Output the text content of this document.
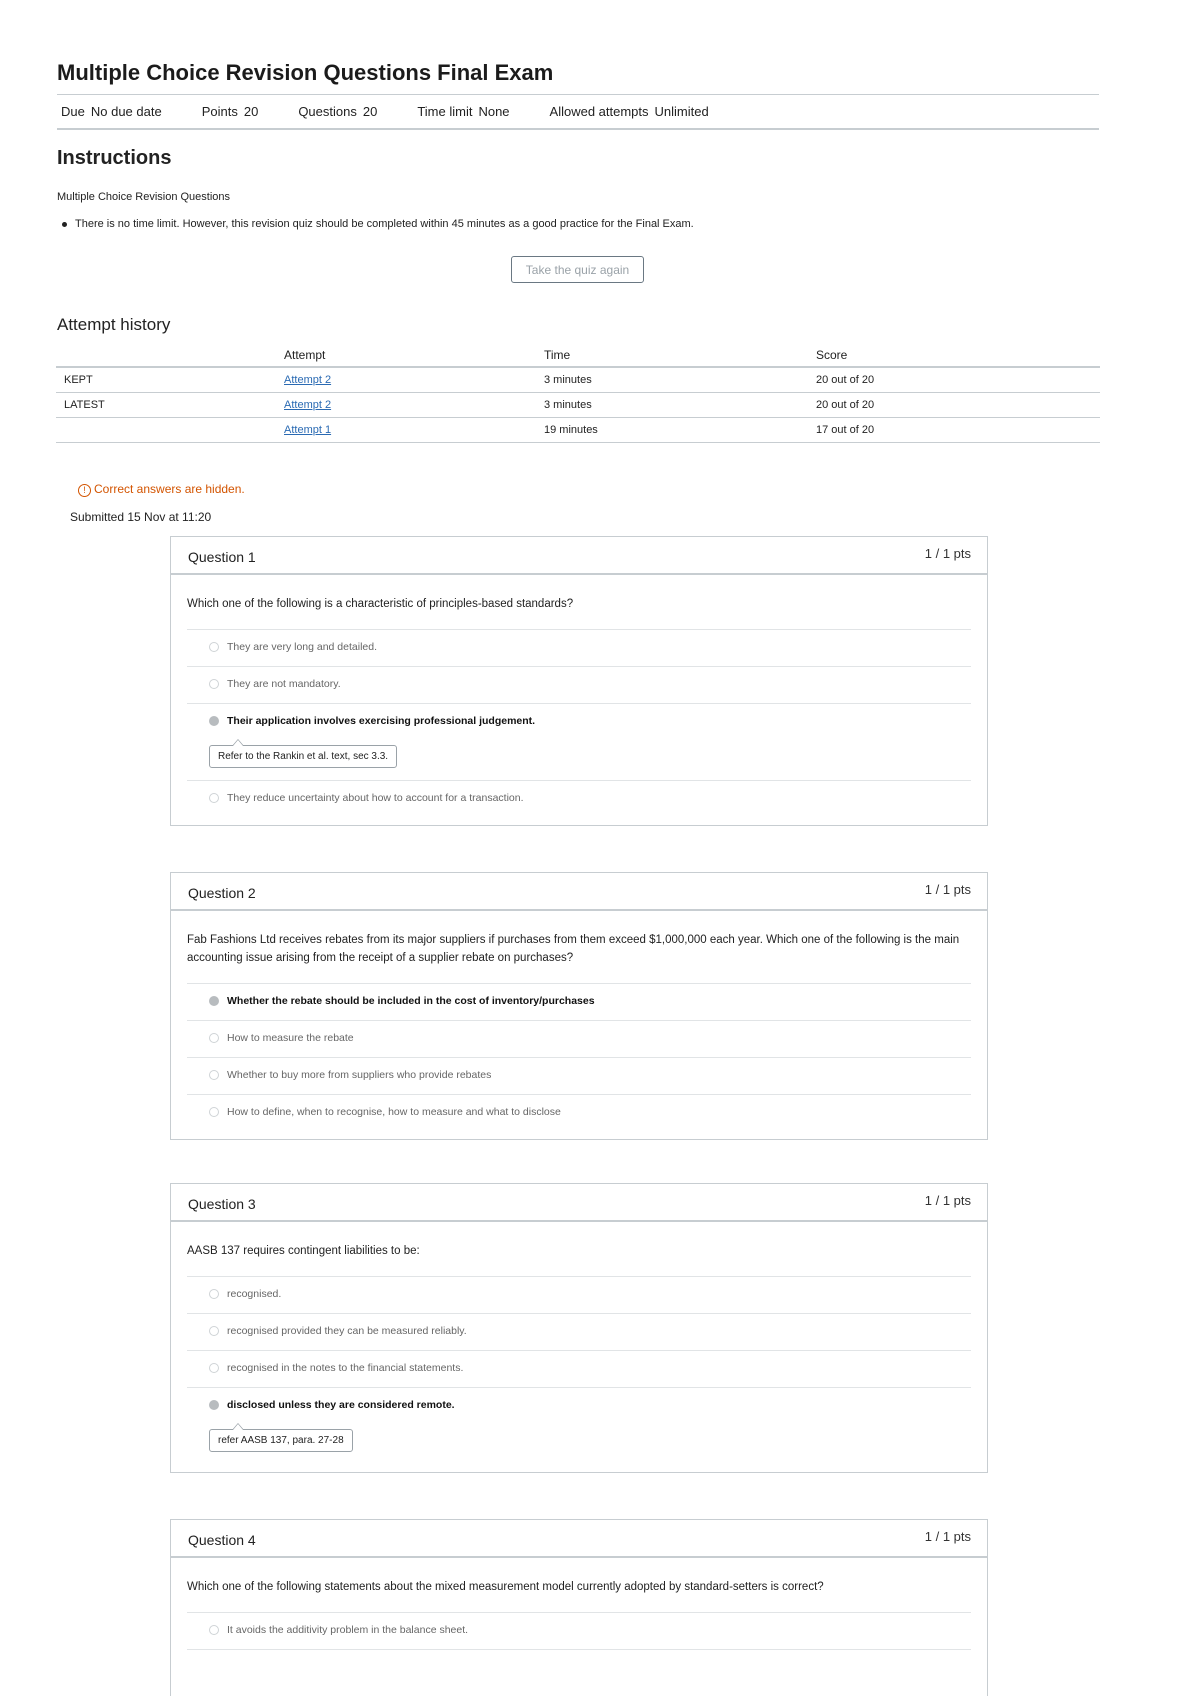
Multiple Choice Revision Questions Final Exam
Due No due date	Points 20	Questions 20	Time limit None	Allowed attempts Unlimited
Instructions
Multiple Choice Revision Questions
There is no time limit. However, this revision quiz should be completed within 45 minutes as a good practice for the Final Exam.
Take the quiz again
Attempt history
	Attempt	Time	Score
KEPT	Attempt 2	3 minutes	20 out of 20
LATEST	Attempt 2	3 minutes	20 out of 20
	Attempt 1	19 minutes	17 out of 20
! Correct answers are hidden.
Submitted 15 Nov at 11:20
Question 1	1 / 1 pts
Which one of the following is a characteristic of principles-based standards?
They are very long and detailed.
They are not mandatory.
Their application involves exercising professional judgement.
Refer to the Rankin et al. text, sec 3.3.
They reduce uncertainty about how to account for a transaction.
Question 2	1 / 1 pts
Fab Fashions Ltd receives rebates from its major suppliers if purchases from them exceed $1,000,000 each year. Which one of the following is the main accounting issue arising from the receipt of a supplier rebate on purchases?
Whether the rebate should be included in the cost of inventory/purchases
How to measure the rebate
Whether to buy more from suppliers who provide rebates
How to define, when to recognise, how to measure and what to disclose
Question 3	1 / 1 pts
AASB 137 requires contingent liabilities to be:
recognised.
recognised provided they can be measured reliably.
recognised in the notes to the financial statements.
disclosed unless they are considered remote.
refer AASB 137, para. 27-28
Question 4	1 / 1 pts
Which one of the following statements about the mixed measurement model currently adopted by standard-setters is correct?
It avoids the additivity problem in the balance sheet.
